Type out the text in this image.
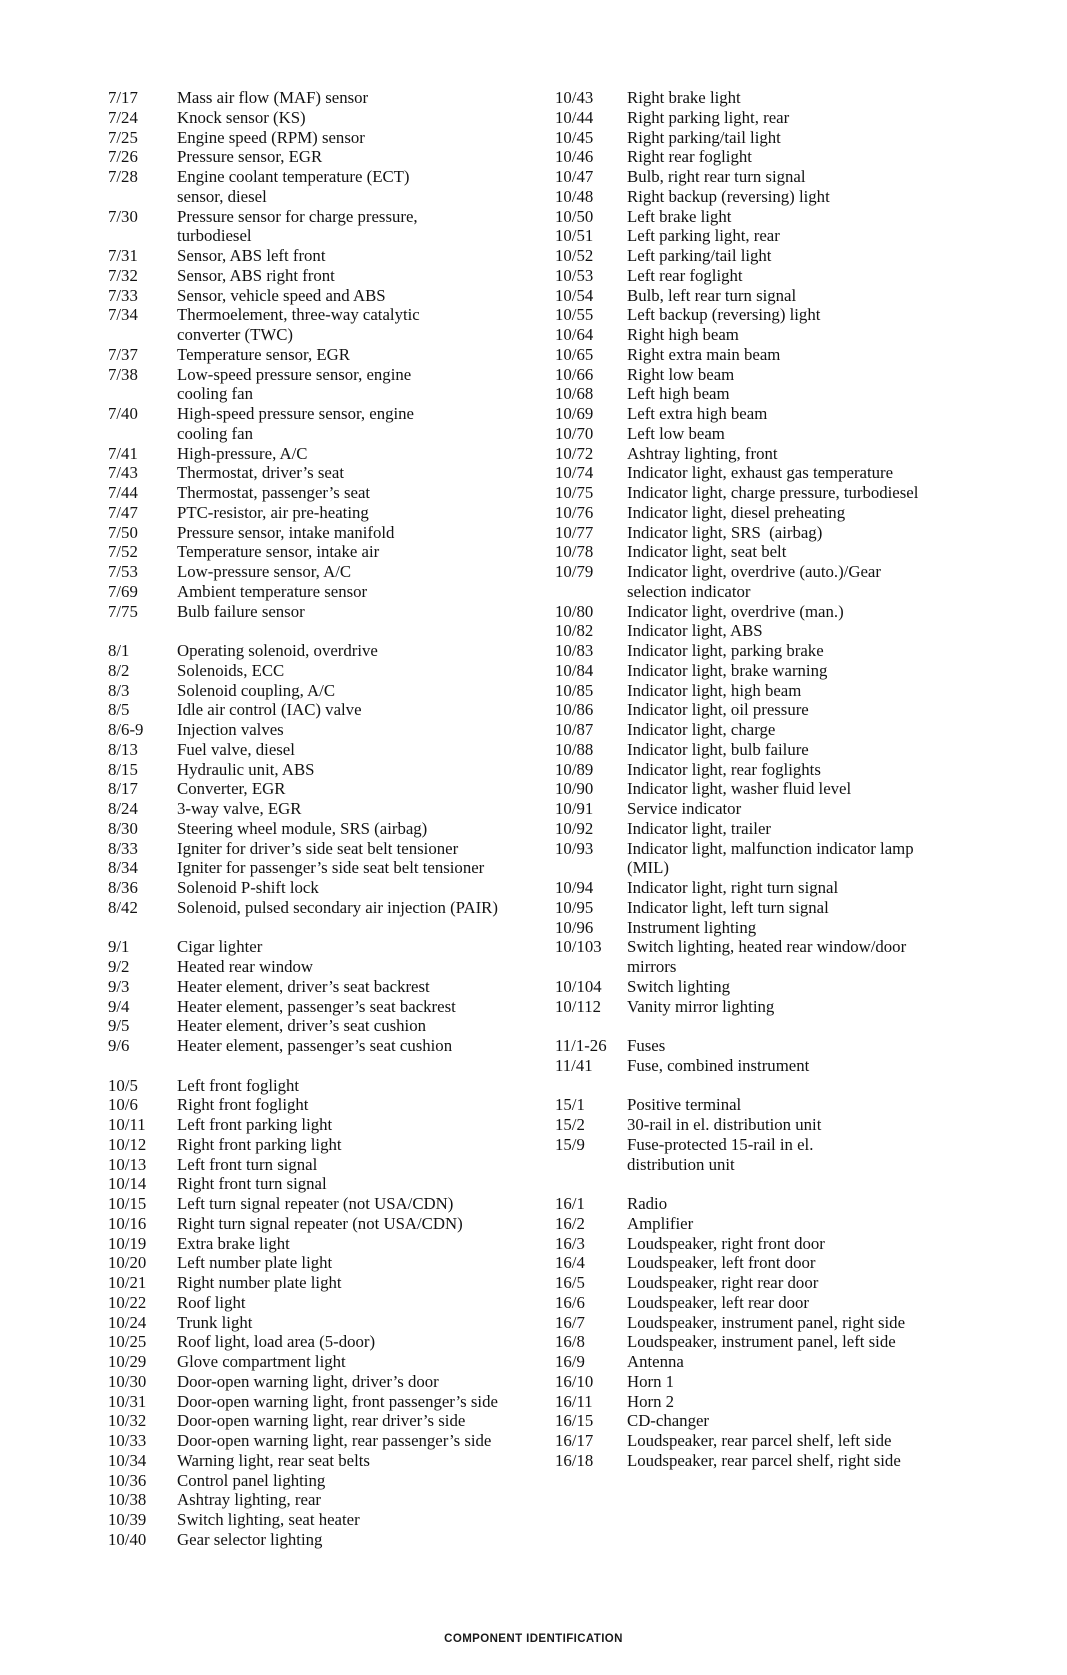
7/17	Mass air flow (MAF) sensor
7/24	Knock sensor (KS)
7/25	Engine speed (RPM) sensor
7/26	Pressure sensor, EGR
7/28	Engine coolant temperature (ECT)
sensor, diesel
7/30	Pressure sensor for charge pressure,
turbodiesel
7/31	Sensor, ABS left front
7/32	Sensor, ABS right front
7/33	Sensor, vehicle speed and ABS
7/34	Thermoelement, three-way catalytic
converter (TWC)
7/37	Temperature sensor, EGR
7/38	Low-speed pressure sensor, engine
cooling fan
7/40	High-speed pressure sensor, engine
cooling fan
7/41	High-pressure, A/C
7/43	Thermostat, driver’s seat
7/44	Thermostat, passenger’s seat
7/47	PTC-resistor, air pre-heating
7/50	Pressure sensor, intake manifold
7/52	Temperature sensor, intake air
7/53	Low-pressure sensor, A/C
7/69	Ambient temperature sensor
7/75	Bulb failure sensor
8/1	Operating solenoid, overdrive
8/2	Solenoids, ECC
8/3	Solenoid coupling, A/C
8/5	Idle air control (IAC) valve
8/6-9	Injection valves
8/13	Fuel valve, diesel
8/15	Hydraulic unit, ABS
8/17	Converter, EGR
8/24	3-way valve, EGR
8/30	Steering wheel module, SRS (airbag)
8/33	Igniter for driver’s side seat belt tensioner
8/34	Igniter for passenger’s side seat belt tensioner
8/36	Solenoid P-shift lock
8/42	Solenoid, pulsed secondary air injection (PAIR)
9/1	Cigar lighter
9/2	Heated rear window
9/3	Heater element, driver’s seat backrest
9/4	Heater element, passenger’s seat backrest
9/5	Heater element, driver’s seat cushion
9/6	Heater element, passenger’s seat cushion
10/5	Left front foglight
10/6	Right front foglight
10/11	Left front parking light
10/12	Right front parking light
10/13	Left front turn signal
10/14	Right front turn signal
10/15	Left turn signal repeater (not USA/CDN)
10/16	Right turn signal repeater (not USA/CDN)
10/19	Extra brake light
10/20	Left number plate light
10/21	Right number plate light
10/22	Roof light
10/24	Trunk light
10/25	Roof light, load area (5-door)
10/29	Glove compartment light
10/30	Door-open warning light, driver’s door
10/31	Door-open warning light, front passenger’s side
10/32	Door-open warning light, rear driver’s side
10/33	Door-open warning light, rear passenger’s side
10/34	Warning light, rear seat belts
10/36	Control panel lighting
10/38	Ashtray lighting, rear
10/39	Switch lighting, seat heater
10/40	Gear selector lighting
10/43	Right brake light
10/44	Right parking light, rear
10/45	Right parking/tail light
10/46	Right rear foglight
10/47	Bulb, right rear turn signal
10/48	Right backup (reversing) light
10/50	Left brake light
10/51	Left parking light, rear
10/52	Left parking/tail light
10/53	Left rear foglight
10/54	Bulb, left rear turn signal
10/55	Left backup (reversing) light
10/64	Right high beam
10/65	Right extra main beam
10/66	Right low beam
10/68	Left high beam
10/69	Left extra high beam
10/70	Left low beam
10/72	Ashtray lighting, front
10/74	Indicator light, exhaust gas temperature
10/75	Indicator light, charge pressure, turbodiesel
10/76	Indicator light, diesel preheating
10/77	Indicator light, SRS  (airbag)
10/78	Indicator light, seat belt
10/79	Indicator light, overdrive (auto.)/Gear
selection indicator
10/80	Indicator light, overdrive (man.)
10/82	Indicator light, ABS
10/83	Indicator light, parking brake
10/84	Indicator light, brake warning
10/85	Indicator light, high beam
10/86	Indicator light, oil pressure
10/87	Indicator light, charge
10/88	Indicator light, bulb failure
10/89	Indicator light, rear foglights
10/90	Indicator light, washer fluid level
10/91	Service indicator
10/92	Indicator light, trailer
10/93	Indicator light, malfunction indicator lamp
(MIL)
10/94	Indicator light, right turn signal
10/95	Indicator light, left turn signal
10/96	Instrument lighting
10/103	Switch lighting, heated rear window/door
mirrors
10/104	Switch lighting
10/112	Vanity mirror lighting
11/1-26	Fuses
11/41	Fuse, combined instrument
15/1	Positive terminal
15/2	30-rail in el. distribution unit
15/9	Fuse-protected 15-rail in el.
distribution unit
16/1	Radio
16/2	Amplifier
16/3	Loudspeaker, right front door
16/4	Loudspeaker, left front door
16/5	Loudspeaker, right rear door
16/6	Loudspeaker, left rear door
16/7	Loudspeaker, instrument panel, right side
16/8	Loudspeaker, instrument panel, left side
16/9	Antenna
16/10	Horn 1
16/11	Horn 2
16/15	CD-changer
16/17	Loudspeaker, rear parcel shelf, left side
16/18	Loudspeaker, rear parcel shelf, right side
COMPONENT IDENTIFICATION
